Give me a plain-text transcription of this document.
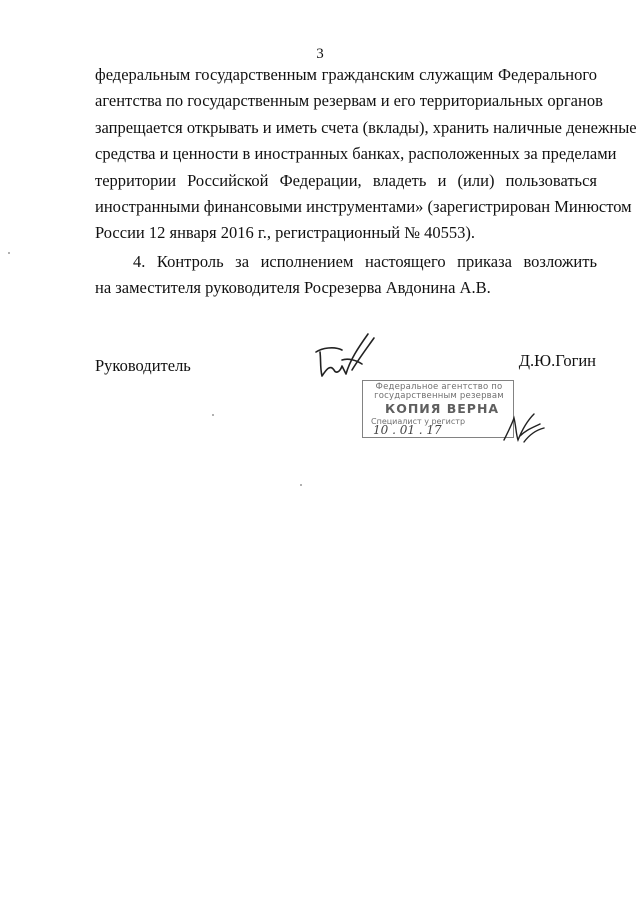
3
федеральным государственным гражданским служащим Федерального
агентства по государственным резервам и его территориальных органов
запрещается открывать и иметь счета (вклады), хранить наличные денежные
средства и ценности в иностранных банках, расположенных за пределами
территории Российской Федерации, владеть и (или) пользоваться
иностранными финансовыми инструментами» (зарегистрирован Минюстом
России 12 января 2016 г., регистрационный № 40553).
4. Контроль за исполнением настоящего приказа возложить
на заместителя руководителя Росрезерва Авдонина А.В.
Руководитель	Д.Ю.Гогин
Федеральное агентство по
государственным резервам
КОПИЯ ВЕРНА
Специалист у регистр
10 . 01 . 17
